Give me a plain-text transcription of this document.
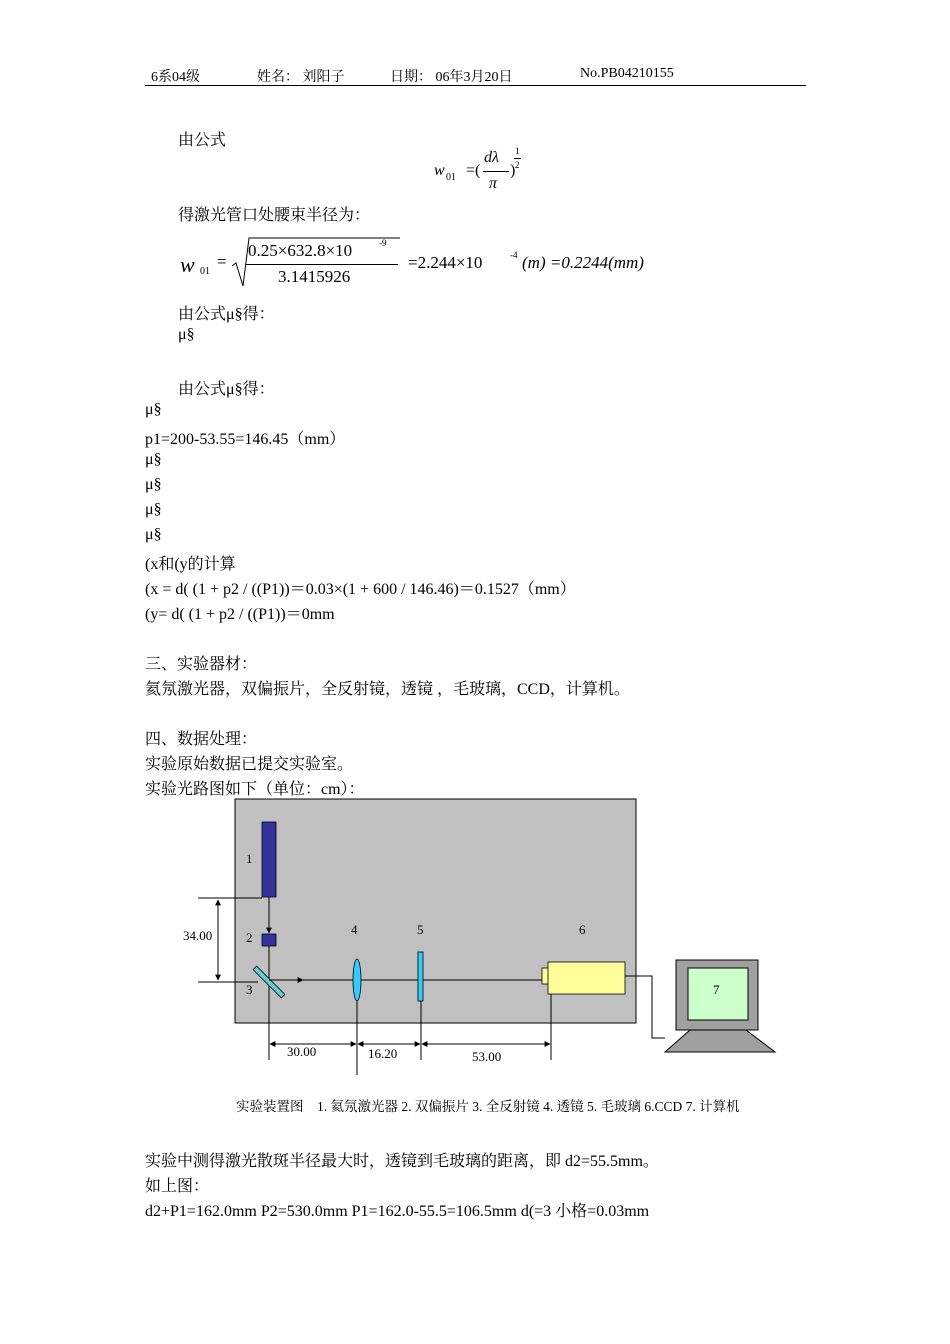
6系04级	姓名： 刘阳子	日期： 06年3月20日	No.PB04210155
由公式
w 01 =(
dλ
π
)
1
2
得激光管口处腰束半径为：
w 01
=
0.25×632.8×10	-9
3.1415926
=2.244×10	-4 (m) =0.2244(mm)
由公式μ§得：
μ§
由公式μ§得：
μ§
p1=200-53.55=146.45（mm）
μ§
μ§
μ§
μ§
(x和(y的计算
(x = d( (1 + p2 / ((P1))＝0.03×(1 + 600 / 146.46)＝0.1527（mm）
(y= d( (1 + p2 / ((P1))＝0mm
三、实验器材：
氦氖激光器，双偏振片，全反射镜，透镜 ，毛玻璃，CCD，计算机。
四、数据处理：
实验原始数据已提交实验室。
实验光路图如下（单位：cm）：
1
2
3
4	5	6
7
34.00
30.00	16.20	53.00
实验装置图　1. 氦氖激光器 2. 双偏振片 3. 全反射镜 4. 透镜 5. 毛玻璃 6.CCD 7. 计算机
实验中测得激光散斑半径最大时，透镜到毛玻璃的距离，即 d2=55.5mm。
如上图：
d2+P1=162.0mm P2=530.0mm P1=162.0-55.5=106.5mm d(=3 小格=0.03mm
